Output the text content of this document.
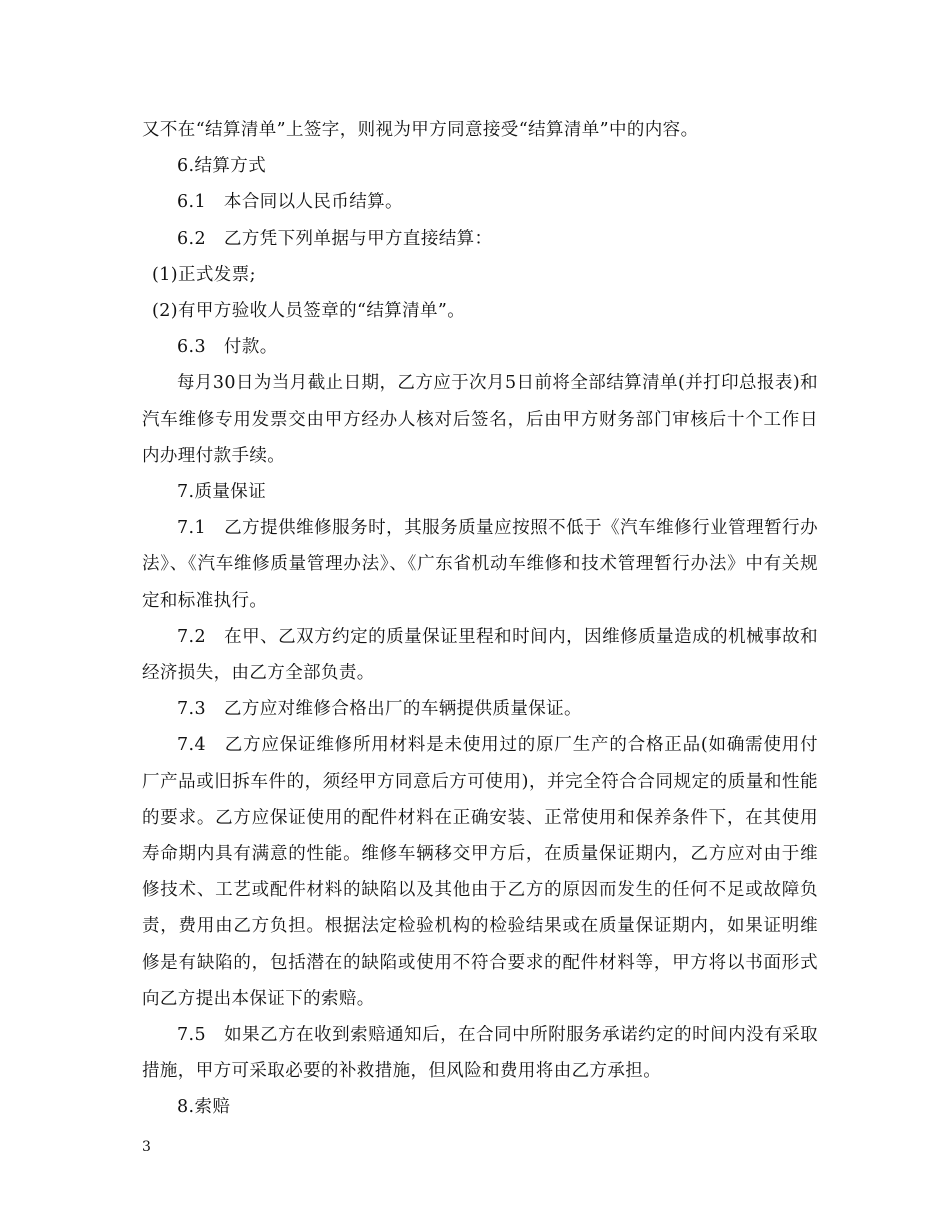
又不在“结算清单”上签字，则视为甲方同意接受“结算清单”中的内容。

6.结算方式

6.1　本合同以人民币结算。

6.2　乙方凭下列单据与甲方直接结算：

(1)正式发票;

(2)有甲方验收人员签章的“结算清单”。

6.3　付款。

每月30日为当月截止日期，乙方应于次月5日前将全部结算清单(并打印总报表)和汽车维修专用发票交由甲方经办人核对后签名，后由甲方财务部门审核后十个工作日内办理付款手续。

7.质量保证

7.1　乙方提供维修服务时，其服务质量应按照不低于《汽车维修行业管理暂行办法》、《汽车维修质量管理办法》、《广东省机动车维修和技术管理暂行办法》中有关规定和标准执行。

7.2　在甲、乙双方约定的质量保证里程和时间内，因维修质量造成的机械事故和经济损失，由乙方全部负责。

7.3　乙方应对维修合格出厂的车辆提供质量保证。

7.4　乙方应保证维修所用材料是未使用过的原厂生产的合格正品(如确需使用付厂产品或旧拆车件的，须经甲方同意后方可使用)，并完全符合合同规定的质量和性能的要求。乙方应保证使用的配件材料在正确安装、正常使用和保养条件下，在其使用寿命期内具有满意的性能。维修车辆移交甲方后，在质量保证期内，乙方应对由于维修技术、工艺或配件材料的缺陷以及其他由于乙方的原因而发生的任何不足或故障负责，费用由乙方负担。根据法定检验机构的检验结果或在质量保证期内，如果证明维修是有缺陷的，包括潜在的缺陷或使用不符合要求的配件材料等，甲方将以书面形式向乙方提出本保证下的索赔。

7.5　如果乙方在收到索赔通知后，在合同中所附服务承诺约定的时间内没有采取措施，甲方可采取必要的补救措施，但风险和费用将由乙方承担。

8.索赔

3
